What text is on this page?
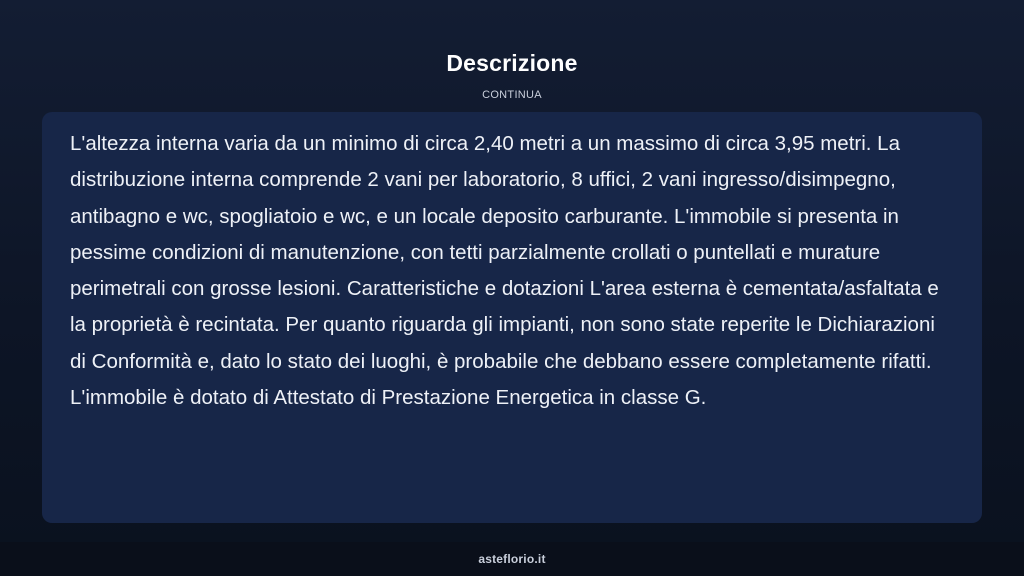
Descrizione
CONTINUA

L'altezza interna varia da un minimo di circa 2,40 metri a un massimo di circa 3,95 metri. La distribuzione interna comprende 2 vani per laboratorio, 8 uffici, 2 vani ingresso/disimpegno, antibagno e wc, spogliatoio e wc, e un locale deposito carburante. L'immobile si presenta in pessime condizioni di manutenzione, con tetti parzialmente crollati o puntellati e murature perimetrali con grosse lesioni. Caratteristiche e dotazioni L'area esterna è cementata/asfaltata e la proprietà è recintata. Per quanto riguarda gli impianti, non sono state reperite le Dichiarazioni di Conformità e, dato lo stato dei luoghi, è probabile che debbano essere completamente rifatti. L'immobile è dotato di Attestato di Prestazione Energetica in classe G.

asteflorio.it
